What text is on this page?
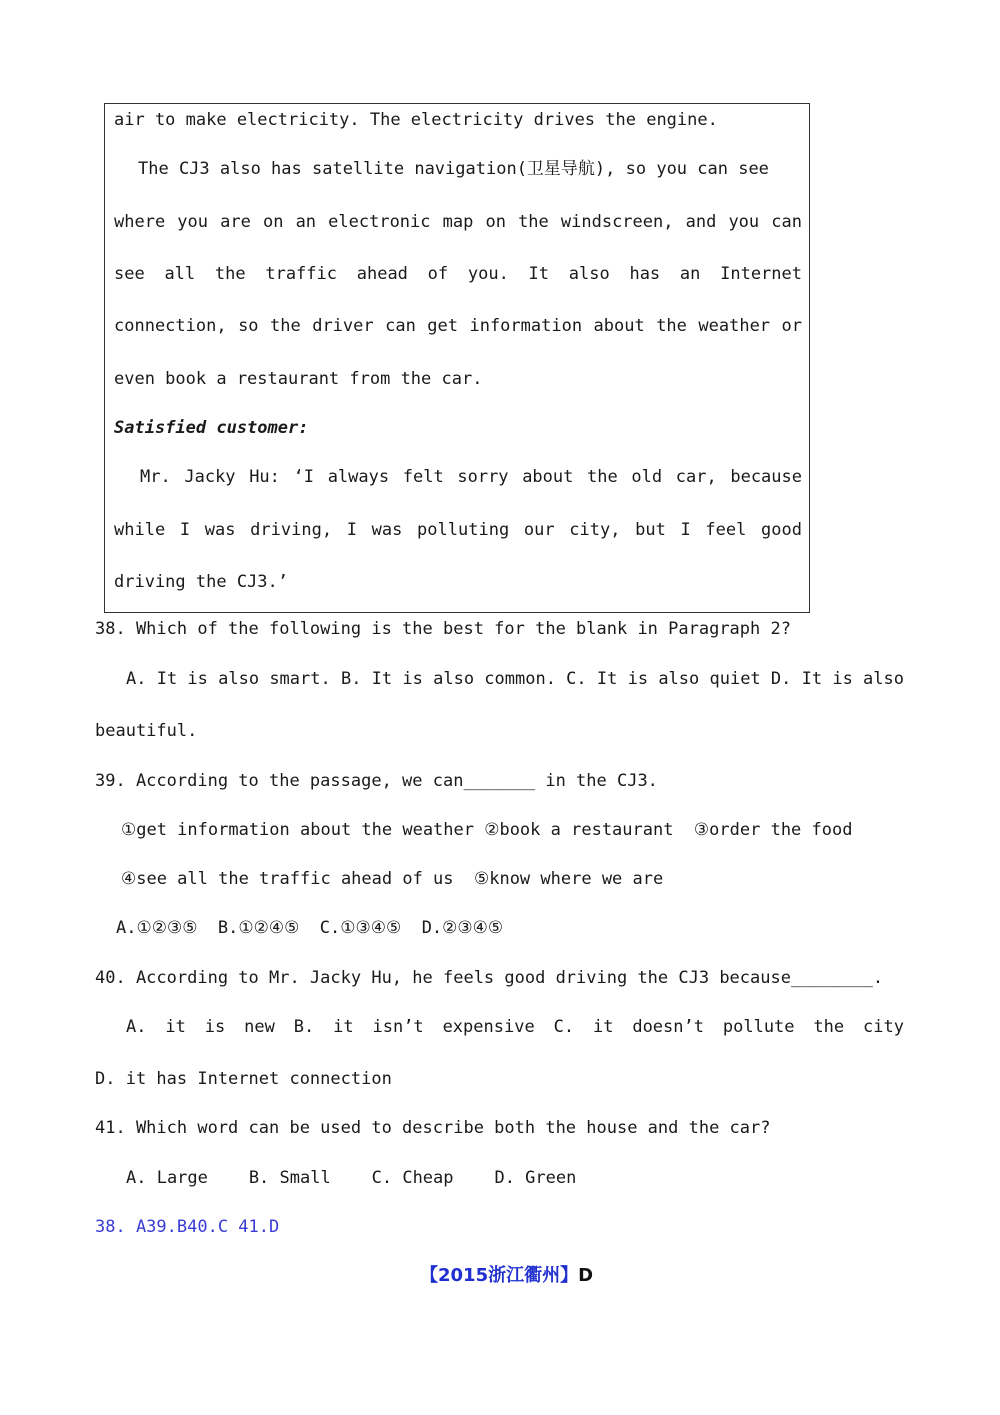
air to make electricity. The electricity drives the engine.
The CJ3 also has satellite navigation(卫星导航), so you can see
where you are on an electronic map on the windscreen, and you can
see all the traffic ahead of you. It also has an Internet
connection, so the driver can get information about the weather or
even book a restaurant from the car.
Satisfied customer:
Mr. Jacky Hu: ‘I always felt sorry about the old car, because
while I was driving, I was polluting our city, but I feel good
driving the CJ3.’
38. Which of the following is the best for the blank in Paragraph 2?
A. It is also smart. B. It is also common. C. It is also quiet D. It is also
beautiful.
39. According to the passage, we can_______ in the CJ3.
①get information about the weather ②book a restaurant  ③order the food
④see all the traffic ahead of us  ⑤know where we are
A.①②③⑤  B.①②④⑤  C.①③④⑤  D.②③④⑤
40. According to Mr. Jacky Hu, he feels good driving the CJ3 because________.
A. it is new B. it isn’t expensive C. it doesn’t pollute the city
D. it has Internet connection
41. Which word can be used to describe both the house and the car?
A. Large    B. Small    C. Cheap    D. Green
38. A39.B40.C 41.D
【2015浙江衢州】D
